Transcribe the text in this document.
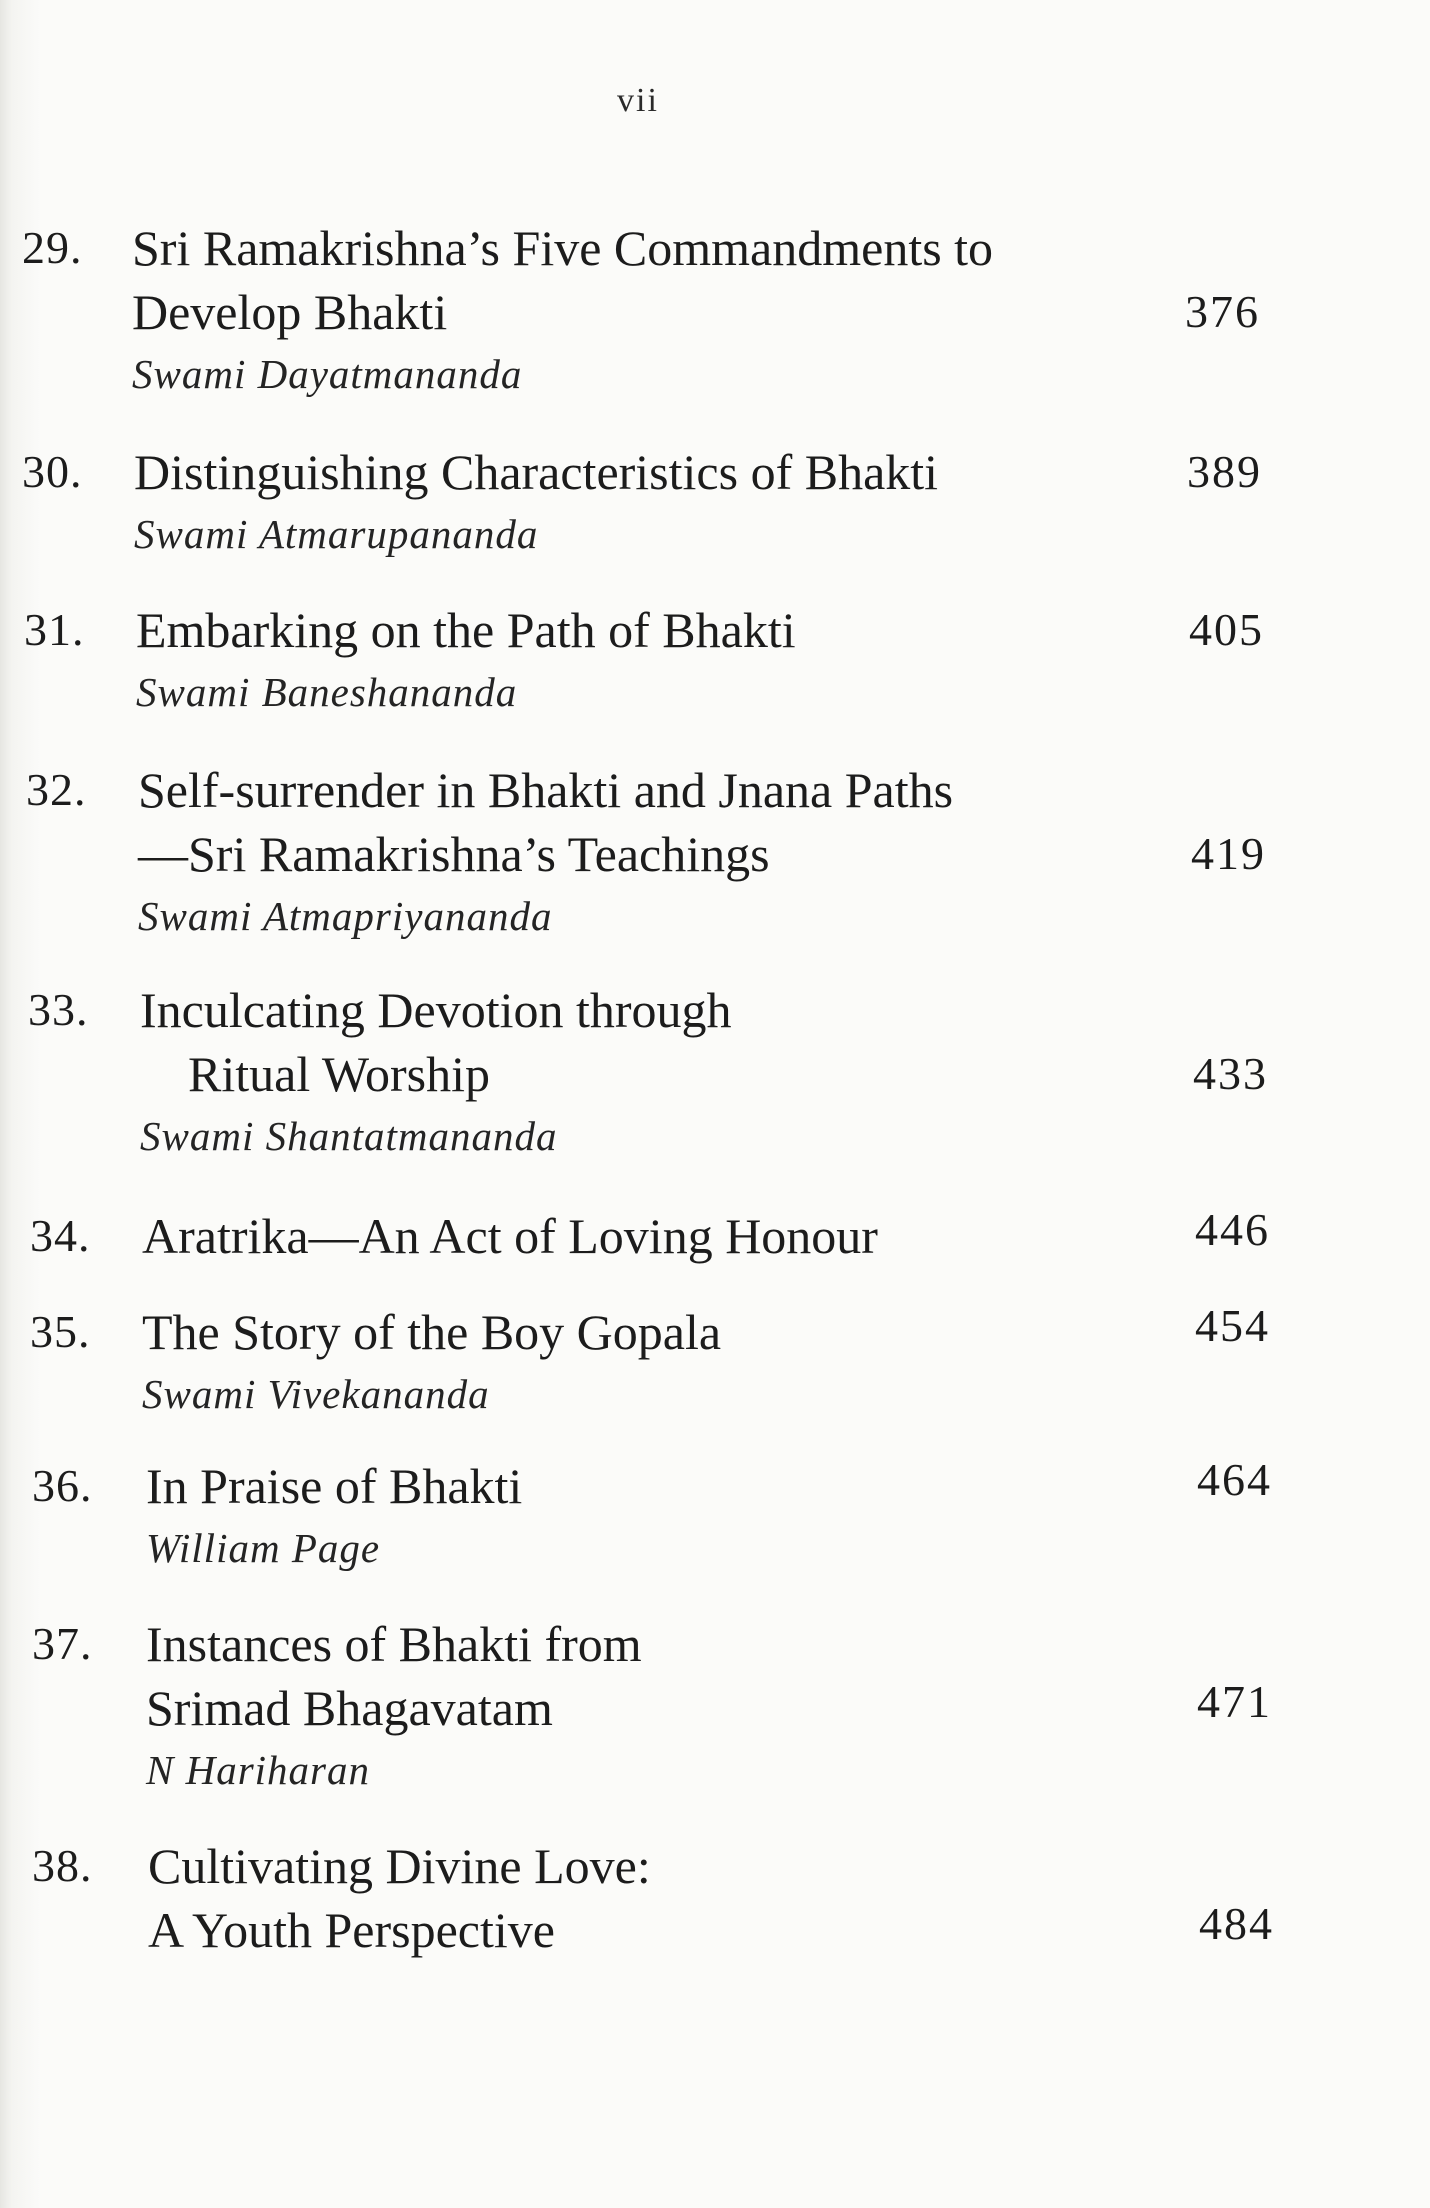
vii
29. Sri Ramakrishna’s Five Commandments to
Develop Bhakti
Swami Dayatmananda
376
30.	Distinguishing Characteristics of Bhakti
Swami Atmarupananda
389
31.	Embarking on the Path of Bhakti
Swami Baneshananda
405
32.	Self-surrender in Bhakti and Jnana Paths
—Sri Ramakrishna’s Teachings
Swami Atmapriyananda
419
33.	Inculcating Devotion through
Ritual Worship
Swami Shantatmananda
433
34.	Aratrika—An Act of Loving Honour	446
35.	The Story of the Boy Gopala
Swami Vivekananda
454
36.	In Praise of Bhakti
William Page
464
37.	Instances of Bhakti from
Srimad Bhagavatam
N Hariharan
471
38.	Cultivating Divine Love:
A Youth Perspective	484
